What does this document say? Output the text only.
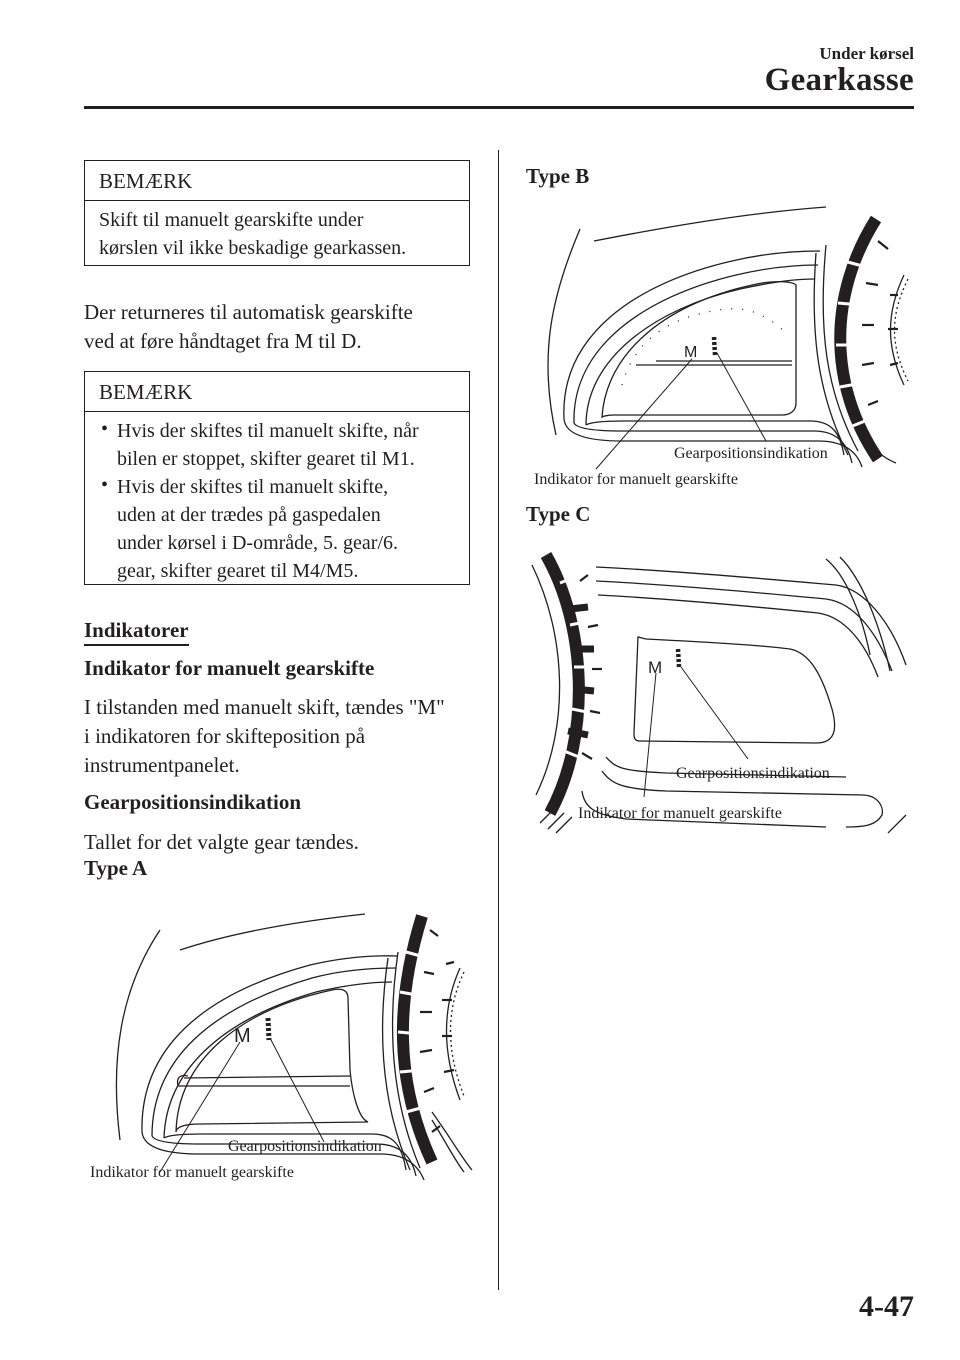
Under kørsel
Gearkasse
BEMÆRK
Skift til manuelt gearskifte under
kørslen vil ikke beskadige gearkassen.
Der returneres til automatisk gearskifte
ved at føre håndtaget fra M til D.
BEMÆRK
• Hvis der skiftes til manuelt skifte, når
bilen er stoppet, skifter gearet til M1.
• Hvis der skiftes til manuelt skifte,
uden at der trædes på gaspedalen
under kørsel i D-område, 5. gear/6.
gear, skifter gearet til M4/M5.
Indikatorer
Indikator for manuelt gearskifte
I tilstanden med manuelt skift, tændes "M"
i indikatoren for skifteposition på
instrumentpanelet.
Gearpositionsindikation
Tallet for det valgte gear tændes.
Type A
M
Gearpositionsindikation
Indikator for manuelt gearskifte
Type B
M
Gearpositionsindikation
Indikator for manuelt gearskifte
Type C
M
Gearpositionsindikation
Indikator for manuelt gearskifte
4-47
